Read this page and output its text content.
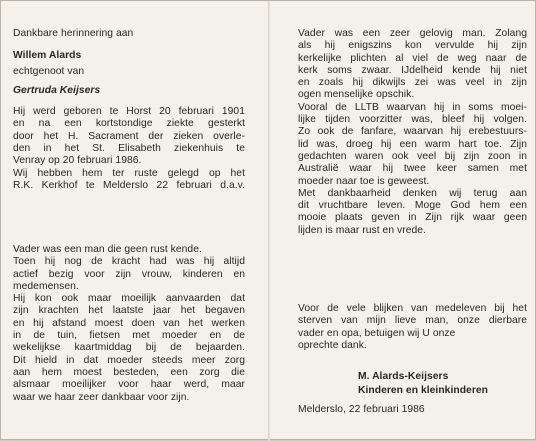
Dankbare herinnering aan

Willem Alards

echtgenoot van

Gertruda Keijsers

Hij werd geboren te Horst 20 februari 1901
en na een kortstondige ziekte gesterkt
door het H. Sacrament der zieken overle-
den in het St. Elisabeth ziekenhuis te
Venray op 20 februari 1986.
Wij hebben hem ter ruste gelegd op het
R.K. Kerkhof te Melderslo 22 februari d.a.v.
Vader was een man die geen rust kende.
Toen hij nog de kracht had was hij altijd
actief bezig voor zijn vrouw, kinderen en
medemensen.
Hij kon ook maar moeilijk aanvaarden dat
zijn krachten het laatste jaar het begaven
en hij afstand moest doen van het werken
in de tuin, fietsen met moeder en de
wekelijkse kaartmiddag bij de bejaarden.
Dit hield in dat moeder steeds meer zorg
aan hem moest besteden, een zorg die
alsmaar moeilijker voor haar werd, maar
waar we haar zeer dankbaar voor zijn.
Vader was een zeer gelovig man. Zolang
als hij enigszins kon vervulde hij zijn
kerkelijke plichten al viel de weg naar de
kerk soms zwaar. IJdelheid kende hij niet
en zoals hij dikwijls zei was veel in zijn
ogen menselijke opschik.
Vooral de LLTB waarvan hij in soms moei-
lijke tijden voorzitter was, bleef hij volgen.
Zo ook de fanfare, waarvan hij erebestuurs-
lid was, droeg hij een warm hart toe. Zijn
gedachten waren ook veel bij zijn zoon in
Australië waar hij twee keer samen met
moeder naar toe is geweest.
Met dankbaarheid denken wij terug aan
dit vruchtbare leven. Moge God hem een
mooie plaats geven in Zijn rijk waar geen
lijden is maar rust en vrede.
Voor de vele blijken van medeleven bij het
sterven van mijn lieve man, onze dierbare
vader en opa, betuigen wij U onze
oprechte dank.
M. Alards-Keijsers
Kinderen en kleinkinderen
Melderslo, 22 februari 1986
